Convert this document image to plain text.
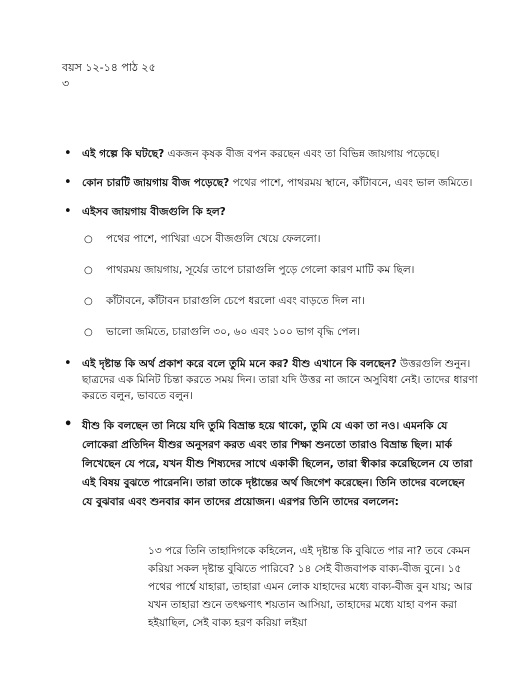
বয়স ১২-১৪ পাঠ ২৫
৩
• এই গল্পে কি ঘটছে? একজন কৃষক বীজ বপন করছেন এবং তা বিভিন্ন জায়গায় পড়েছে।
• কোন চারটি জায়গায় বীজ পড়েছে? পথের পাশে, পাথরময় স্থানে, কাঁটাবনে, এবং ভাল জমিতে।
• এইসব জায়গায় বীজগুলি কি হল?
○ পথের পাশে, পাখিরা এসে বীজগুলি খেয়ে ফেললো।
○ পাথরময় জায়গায়, সূর্যের তাপে চারাগুলি পুড়ে গেলো কারণ মাটি কম ছিল।
○ কাঁটাবনে, কাঁটাবন চারাগুলি চেপে ধরলো এবং বাড়তে দিল না।
○ ভালো জমিতে, চারাগুলি ৩০, ৬০ এবং ১০০ ভাগ বৃদ্ধি পেল।
• এই দৃষ্টান্ত কি অর্থ প্রকাশ করে বলে তুমি মনে কর? যীশু এখানে কি বলছেন? উত্তরগুলি শুনুন। ছাত্রদের এক মিনিট চিন্তা করতে সময় দিন। তারা যদি উত্তর না জানে অসুবিধা নেই। তাদের ধারণা করতে বলুন, ভাবতে বলুন।
• যীশু কি বলছেন তা নিয়ে যদি তুমি বিভ্রান্ত হয়ে থাকো, তুমি যে একা তা নও। এমনকি যে লোকেরা প্রতিদিন যীশুর অনুসরণ করত এবং তার শিক্ষা শুনতো তারাও বিভ্রান্ত ছিল। মার্ক লিখেছেন যে পরে, যখন যীশু শিষ্যদের সাথে একাকী ছিলেন, তারা স্বীকার করেছিলেন যে তারা এই বিষয় বুঝতে পারেননি। তারা তাকে দৃষ্টান্তের অর্থ জিগেশ করেছেন। তিনি তাদের বলেছেন যে বুঝবার এবং শুনবার কান তাদের প্রয়োজন। এরপর তিনি তাদের বললেন:
১৩ পরে তিনি তাহাদিগকে কহিলেন, এই দৃষ্টান্ত কি বুঝিতে পার না? তবে কেমন করিয়া সকল দৃষ্টান্ত বুঝিতে পারিবে? ১৪ সেই বীজবাপক বাক্য-বীজ বুনে। ১৫ পথের পার্শ্বে যাহারা, তাহারা এমন লোক যাহাদের মধ্যে বাক্য-বীজ বুন যায়; আর যখন তাহারা শুনে তৎক্ষণাৎ শয়তান আসিয়া, তাহাদের মধ্যে যাহা বপন করা হইয়াছিল, সেই বাক্য হরণ করিয়া লইয়া
